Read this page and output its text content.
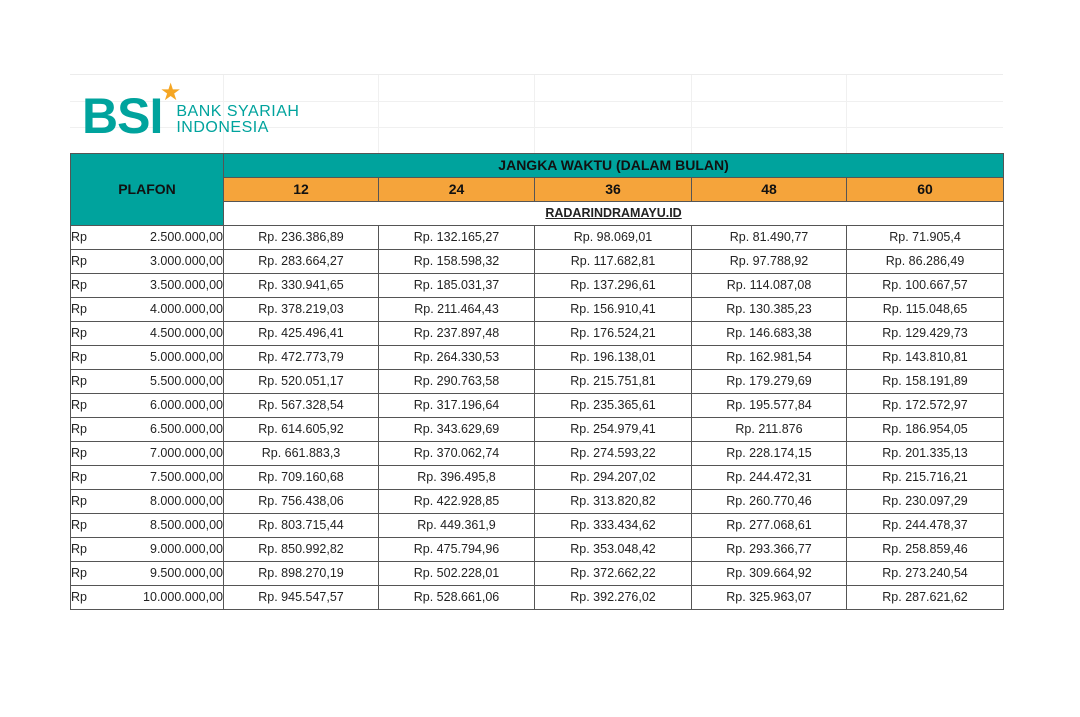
BSI
★
BANK SYARIAH
INDONESIA
PLAFON	JANGKA WAKTU (DALAM BULAN)				
	12	24	36	48	60
	RADARINDRAMAYU.ID				

Rp 2.500.000,00	Rp. 236.386,89	Rp. 132.165,27	Rp. 98.069,01	Rp. 81.490,77	Rp. 71.905,4

Rp 3.000.000,00	Rp. 283.664,27	Rp. 158.598,32	Rp. 117.682,81	Rp. 97.788,92	Rp. 86.286,49

Rp 3.500.000,00	Rp. 330.941,65	Rp. 185.031,37	Rp. 137.296,61	Rp. 114.087,08	Rp. 100.667,57

Rp 4.000.000,00	Rp. 378.219,03	Rp. 211.464,43	Rp. 156.910,41	Rp. 130.385,23	Rp. 115.048,65

Rp 4.500.000,00	Rp. 425.496,41	Rp. 237.897,48	Rp. 176.524,21	Rp. 146.683,38	Rp. 129.429,73

Rp 5.000.000,00	Rp. 472.773,79	Rp. 264.330,53	Rp. 196.138,01	Rp. 162.981,54	Rp. 143.810,81

Rp 5.500.000,00	Rp. 520.051,17	Rp. 290.763,58	Rp. 215.751,81	Rp. 179.279,69	Rp. 158.191,89

Rp 6.000.000,00	Rp. 567.328,54	Rp. 317.196,64	Rp. 235.365,61	Rp. 195.577,84	Rp. 172.572,97

Rp 6.500.000,00	Rp. 614.605,92	Rp. 343.629,69	Rp. 254.979,41	Rp. 211.876	Rp. 186.954,05

Rp 7.000.000,00	Rp. 661.883,3	Rp. 370.062,74	Rp. 274.593,22	Rp. 228.174,15	Rp. 201.335,13

Rp 7.500.000,00	Rp. 709.160,68	Rp. 396.495,8	Rp. 294.207,02	Rp. 244.472,31	Rp. 215.716,21

Rp 8.000.000,00	Rp. 756.438,06	Rp. 422.928,85	Rp. 313.820,82	Rp. 260.770,46	Rp. 230.097,29

Rp 8.500.000,00	Rp. 803.715,44	Rp. 449.361,9	Rp. 333.434,62	Rp. 277.068,61	Rp. 244.478,37

Rp 9.000.000,00	Rp. 850.992,82	Rp. 475.794,96	Rp. 353.048,42	Rp. 293.366,77	Rp. 258.859,46

Rp 9.500.000,00	Rp. 898.270,19	Rp. 502.228,01	Rp. 372.662,22	Rp. 309.664,92	Rp. 273.240,54

Rp 10.000.000,00	Rp. 945.547,57	Rp. 528.661,06	Rp. 392.276,02	Rp. 325.963,07	Rp. 287.621,62
